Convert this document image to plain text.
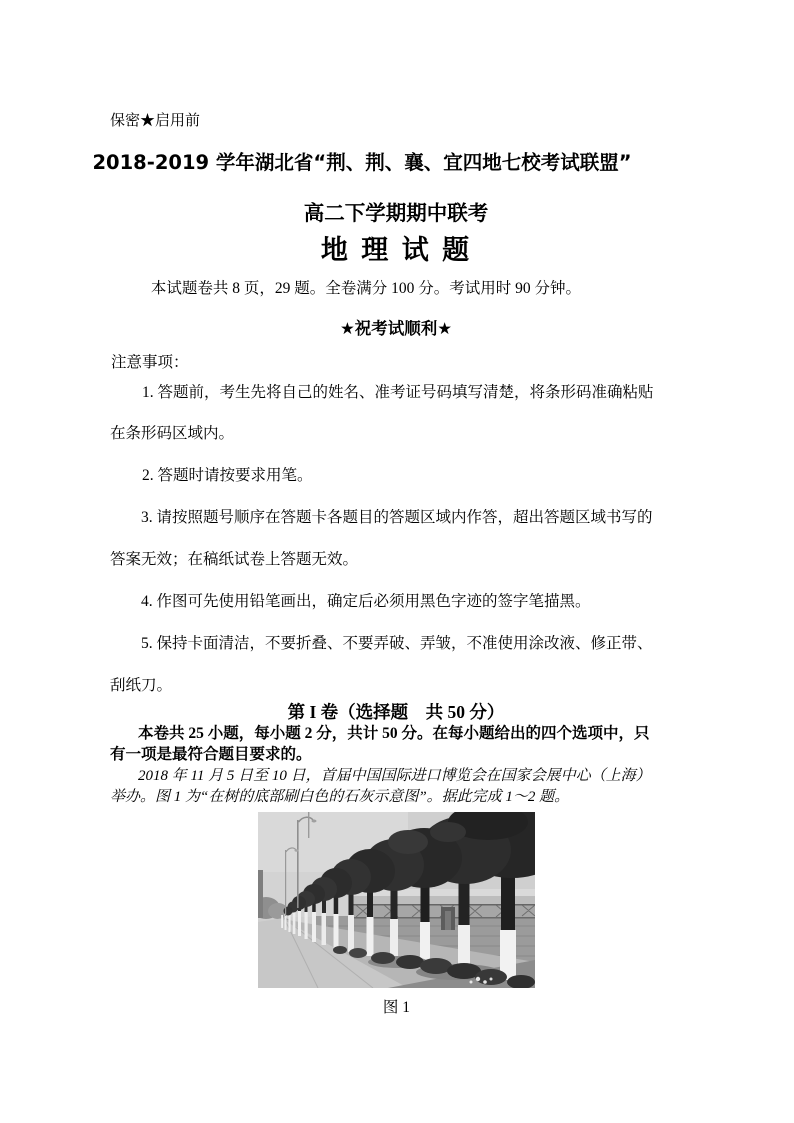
保密★启用前
2018-2019 学年湖北省“荆、荆、襄、宜四地七校考试联盟”
高二下学期期中联考
地 理 试 题
本试题卷共 8 页，29 题。全卷满分 100 分。考试用时 90 分钟。
★祝考试顺利★
注意事项：
1. 答题前，考生先将自己的姓名、准考证号码填写清楚，将条形码准确粘贴
在条形码区域内。
2. 答题时请按要求用笔。
3. 请按照题号顺序在答题卡各题目的答题区域内作答，超出答题区域书写的
答案无效；在稿纸试卷上答题无效。
4. 作图可先使用铅笔画出，确定后必须用黑色字迹的签字笔描黑。
5. 保持卡面清洁，不要折叠、不要弄破、弄皱，不准使用涂改液、修正带、
刮纸刀。
第 I 卷（选择题　共 50 分）
本卷共 25 小题，每小题 2 分，共计 50 分。在每小题给出的四个选项中，只
有一项是最符合题目要求的。
2018 年 11 月 5 日至 10 日，首届中国国际进口博览会在国家会展中心（上海）
举办。图 1 为“在树的底部刷白色的石灰示意图”。据此完成 1～2 题。
图 1
